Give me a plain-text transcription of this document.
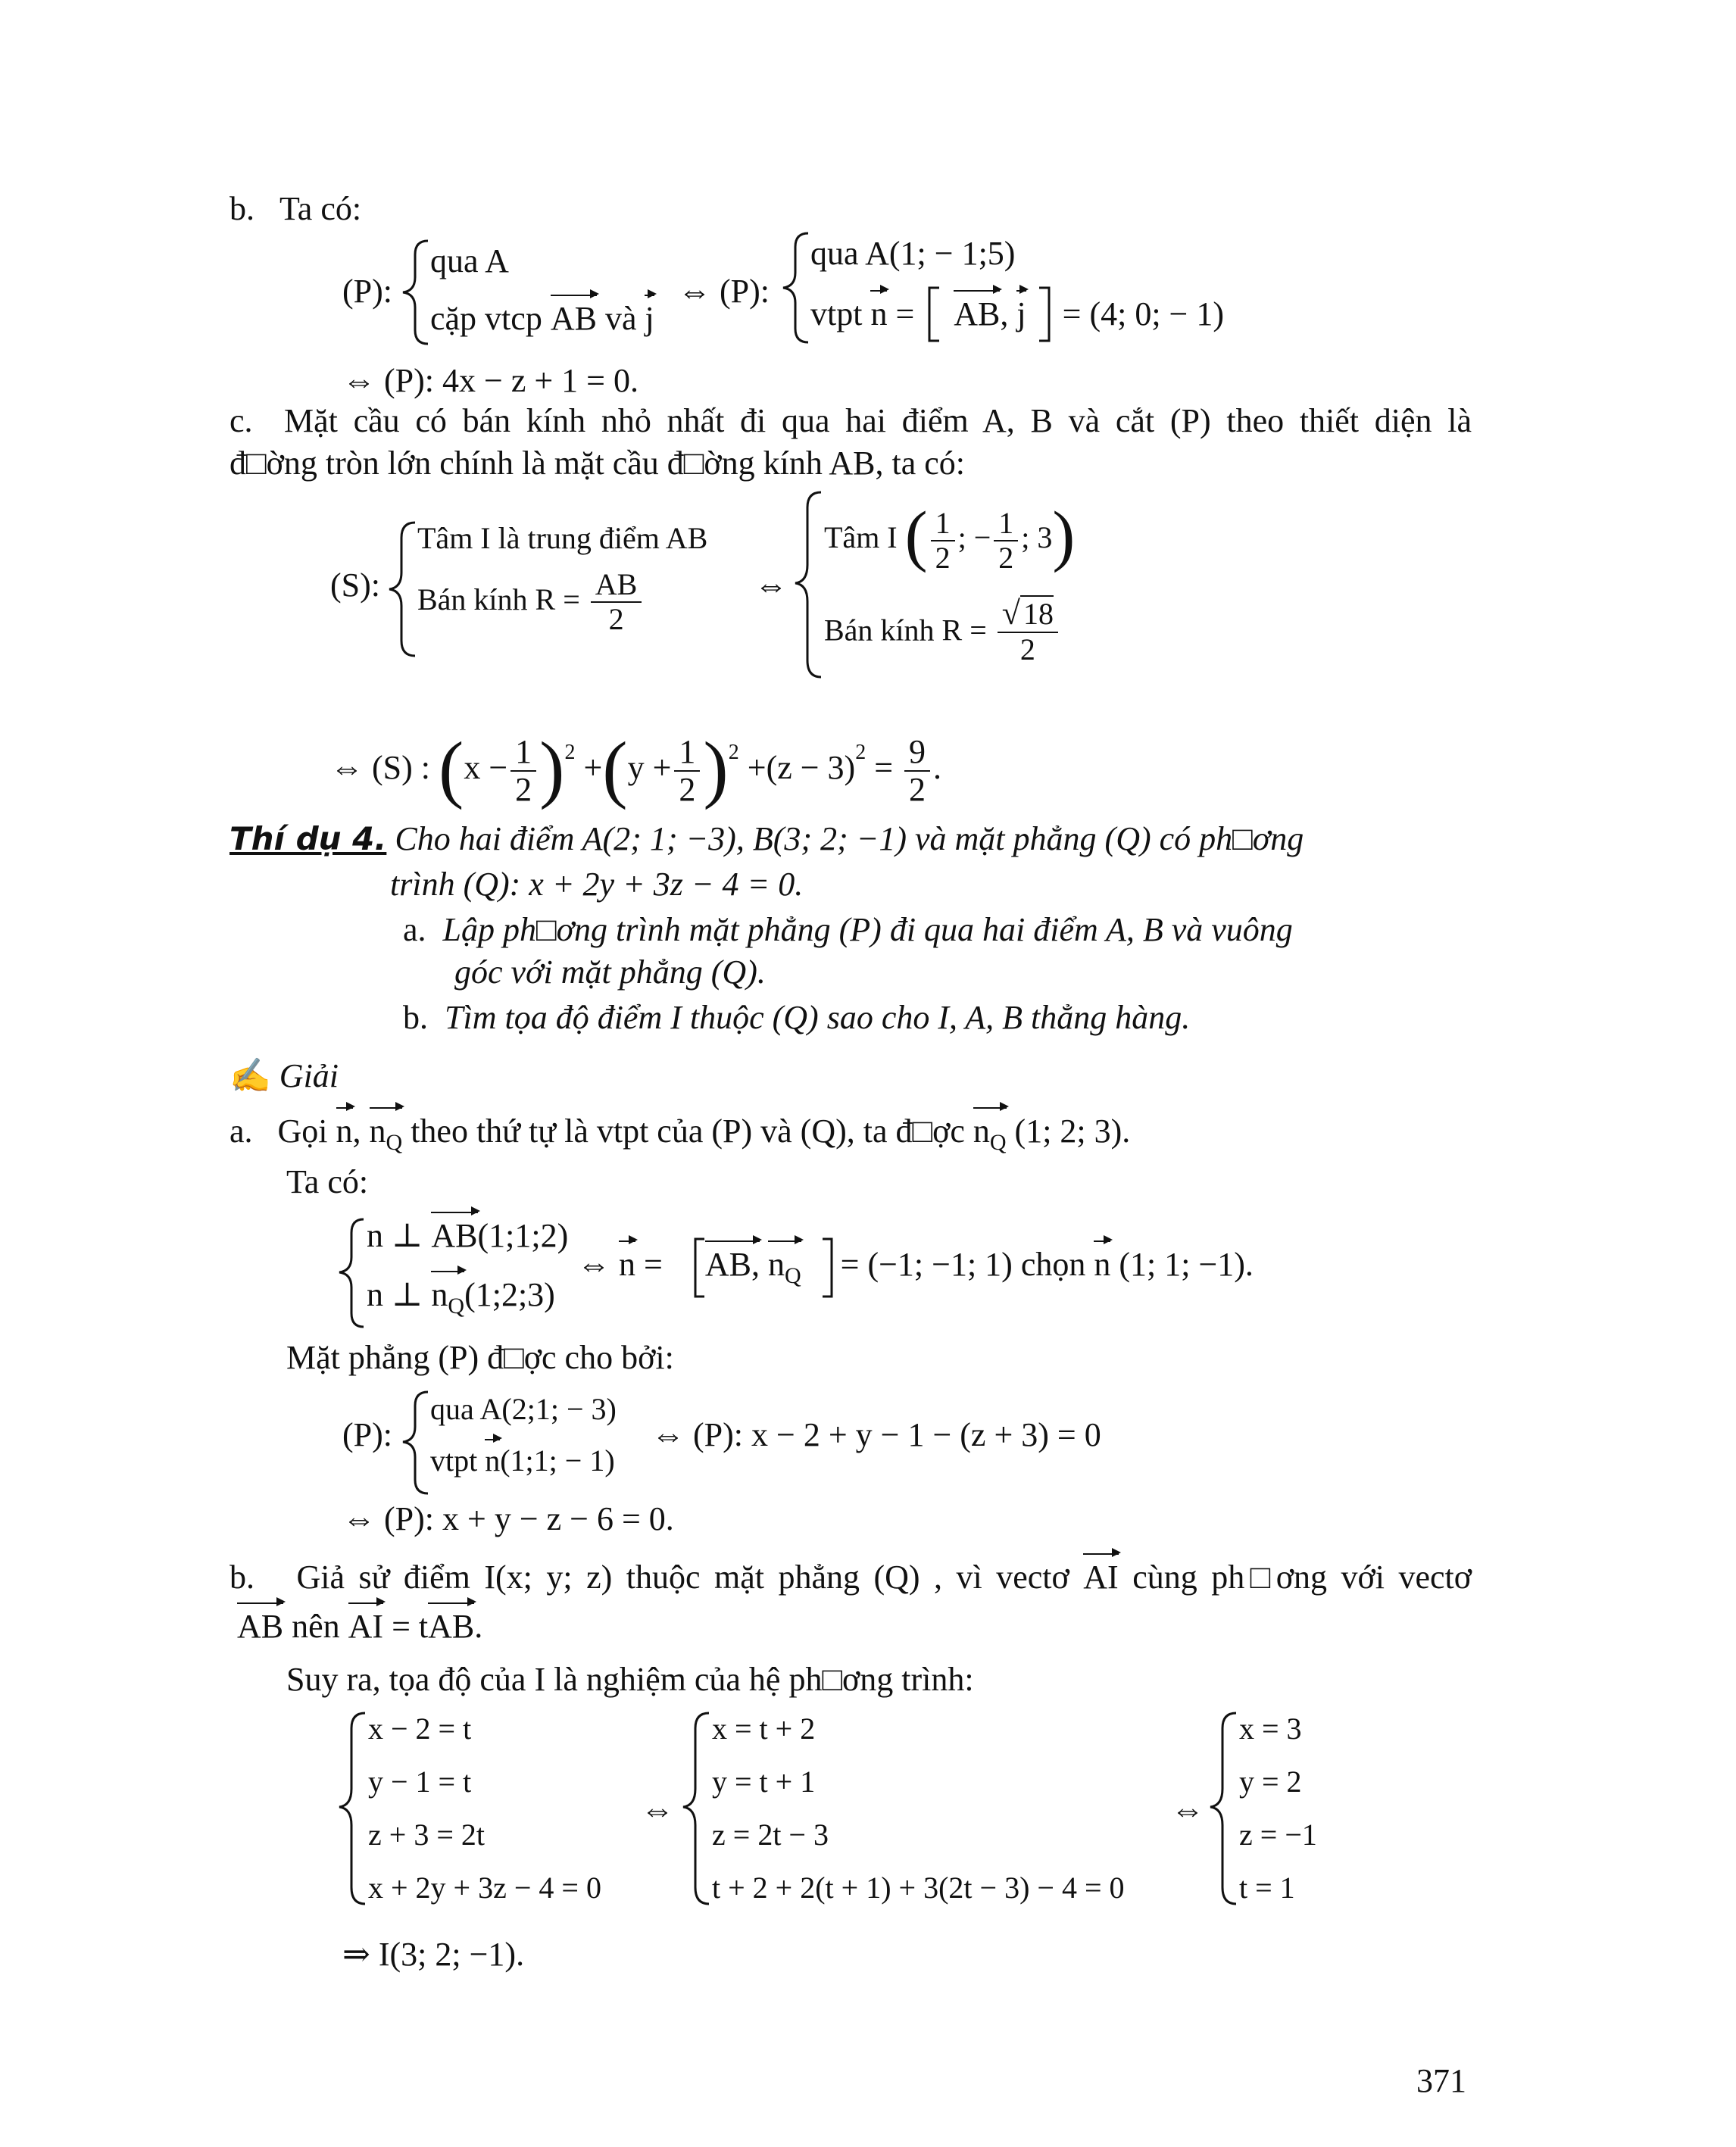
b. Ta có:
(P):
qua A
cặp vtcp AB và j
⇔ (P):
qua A(1; − 1;5)
vtpt n = AB, j = (4; 0; − 1)
⇔ (P): 4x − z + 1 = 0.
c. Mặt cầu có bán kính nhỏ nhất đi qua hai điểm A, B và cắt (P) theo thiết diện là
đ□ờng tròn lớn chính là mặt cầu đ□ờng kính AB, ta có:
(S):
Tâm I là trung điểm AB
Bán kính $R = \frac{AB}{2}$	⇔
Tâm I ( $\frac{1}{2}$ ; − $\frac{1}{2}$ ; 3)
Bán kính $R = \frac{√ 18}{2}$
⇔ (S) : $(x - \frac{1}{2} )^2 +(y + \frac{1}{2} )^2 +(z - 3)^2 = \frac{9}{2}$ .
Thí dụ 4. Cho hai điểm A(2; 1; −3), B(3; 2; −1) và mặt phẳng (Q) có ph□ơng
trình (Q): x + 2y + 3z − 4 = 0.
a. Lập ph□ơng trình mặt phẳng (P) đi qua hai điểm A, B và vuông
góc với mặt phẳng (Q).
b. Tìm tọa độ điểm I thuộc (Q) sao cho I, A, B thẳng hàng.
✍ Giải
a. Gọi n, $n_Q$ theo thứ tự là vtpt của (P) và (Q), ta đ□ợc $n_Q$ (1; 2; 3).
Ta có:
n ⊥ AB(1;1;2)
n ⊥ $n_Q(1;2;3)$
⇔ n = AB, $n_Q = (-1$; −1; 1) chọn n (1; 1; −1).
Mặt phẳng (P) đ□ợc cho bởi:
(P):
qua A(2;1; − 3)
vtpt n(1;1; − 1)
⇔ (P): x − 2 + y − 1 − (z + 3) = 0
⇔ (P): x + y − z − 6 = 0.
b. Giả sử điểm I(x; y; z) thuộc mặt phẳng (Q) , vì vectơ AI cùng ph□ơng với vectơ
AB nên AI = tAB.
Suy ra, tọa độ của I là nghiệm của hệ ph□ơng trình:
x − 2 = t
y − 1 = t
z + 3 = 2t
x + 2y + 3z − 4 = 0
⇔
x = t + 2
y = t + 1
z = 2t − 3
t + 2 + 2(t + 1) + 3(2t − 3) − 4 = 0
⇔
x = 3
y = 2
z = −1
t = 1
⇒ I(3; 2; −1).
371
